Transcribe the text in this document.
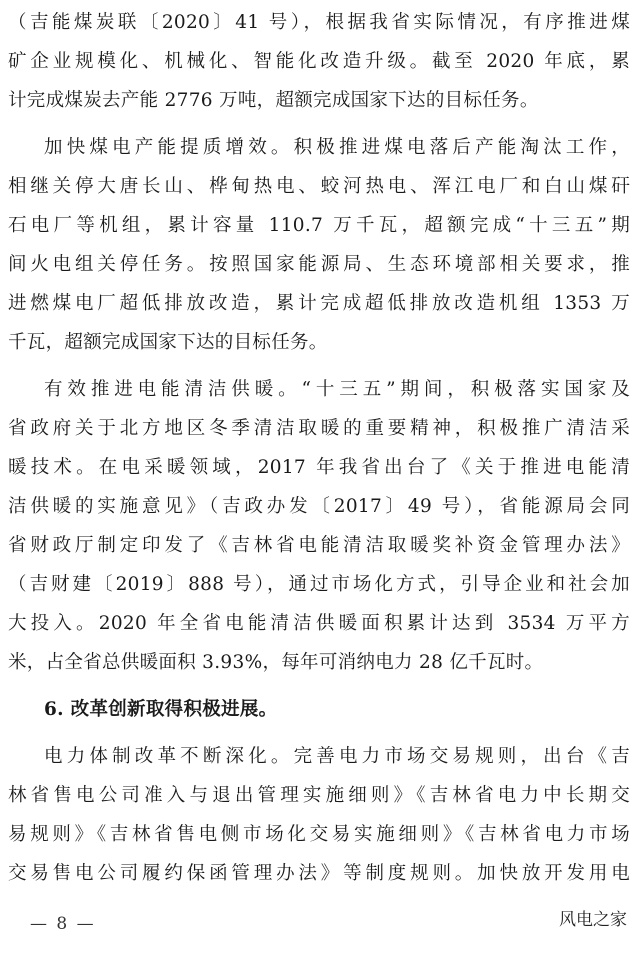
（吉能煤炭联〔2020〕41 号），根据我省实际情况，有序推进煤
矿企业规模化、机械化、智能化改造升级。截至 2020 年底，累
计完成煤炭去产能 2776 万吨，超额完成国家下达的目标任务。
加快煤电产能提质增效。积极推进煤电落后产能淘汰工作，
相继关停大唐长山、桦甸热电、蛟河热电、浑江电厂和白山煤矸
石电厂等机组，累计容量 110.7 万千瓦，超额完成“十三五”期
间火电组关停任务。按照国家能源局、生态环境部相关要求，推
进燃煤电厂超低排放改造，累计完成超低排放改造机组 1353 万
千瓦，超额完成国家下达的目标任务。
有效推进电能清洁供暖。“十三五”期间，积极落实国家及
省政府关于北方地区冬季清洁取暖的重要精神，积极推广清洁采
暖技术。在电采暖领域，2017 年我省出台了《关于推进电能清
洁供暖的实施意见》（吉政办发〔2017〕49 号），省能源局会同
省财政厅制定印发了《吉林省电能清洁取暖奖补资金管理办法》
（吉财建〔2019〕888 号），通过市场化方式，引导企业和社会加
大投入。2020 年全省电能清洁供暖面积累计达到 3534 万平方
米，占全省总供暖面积 3.93%，每年可消纳电力 28 亿千瓦时。
6. 改革创新取得积极进展。
电力体制改革不断深化。完善电力市场交易规则，出台《吉
林省售电公司准入与退出管理实施细则》《吉林省电力中长期交
易规则》《吉林省售电侧市场化交易实施细则》《吉林省电力市场
交易售电公司履约保函管理办法》等制度规则。加快放开发用电
— 8 —	风电之家
